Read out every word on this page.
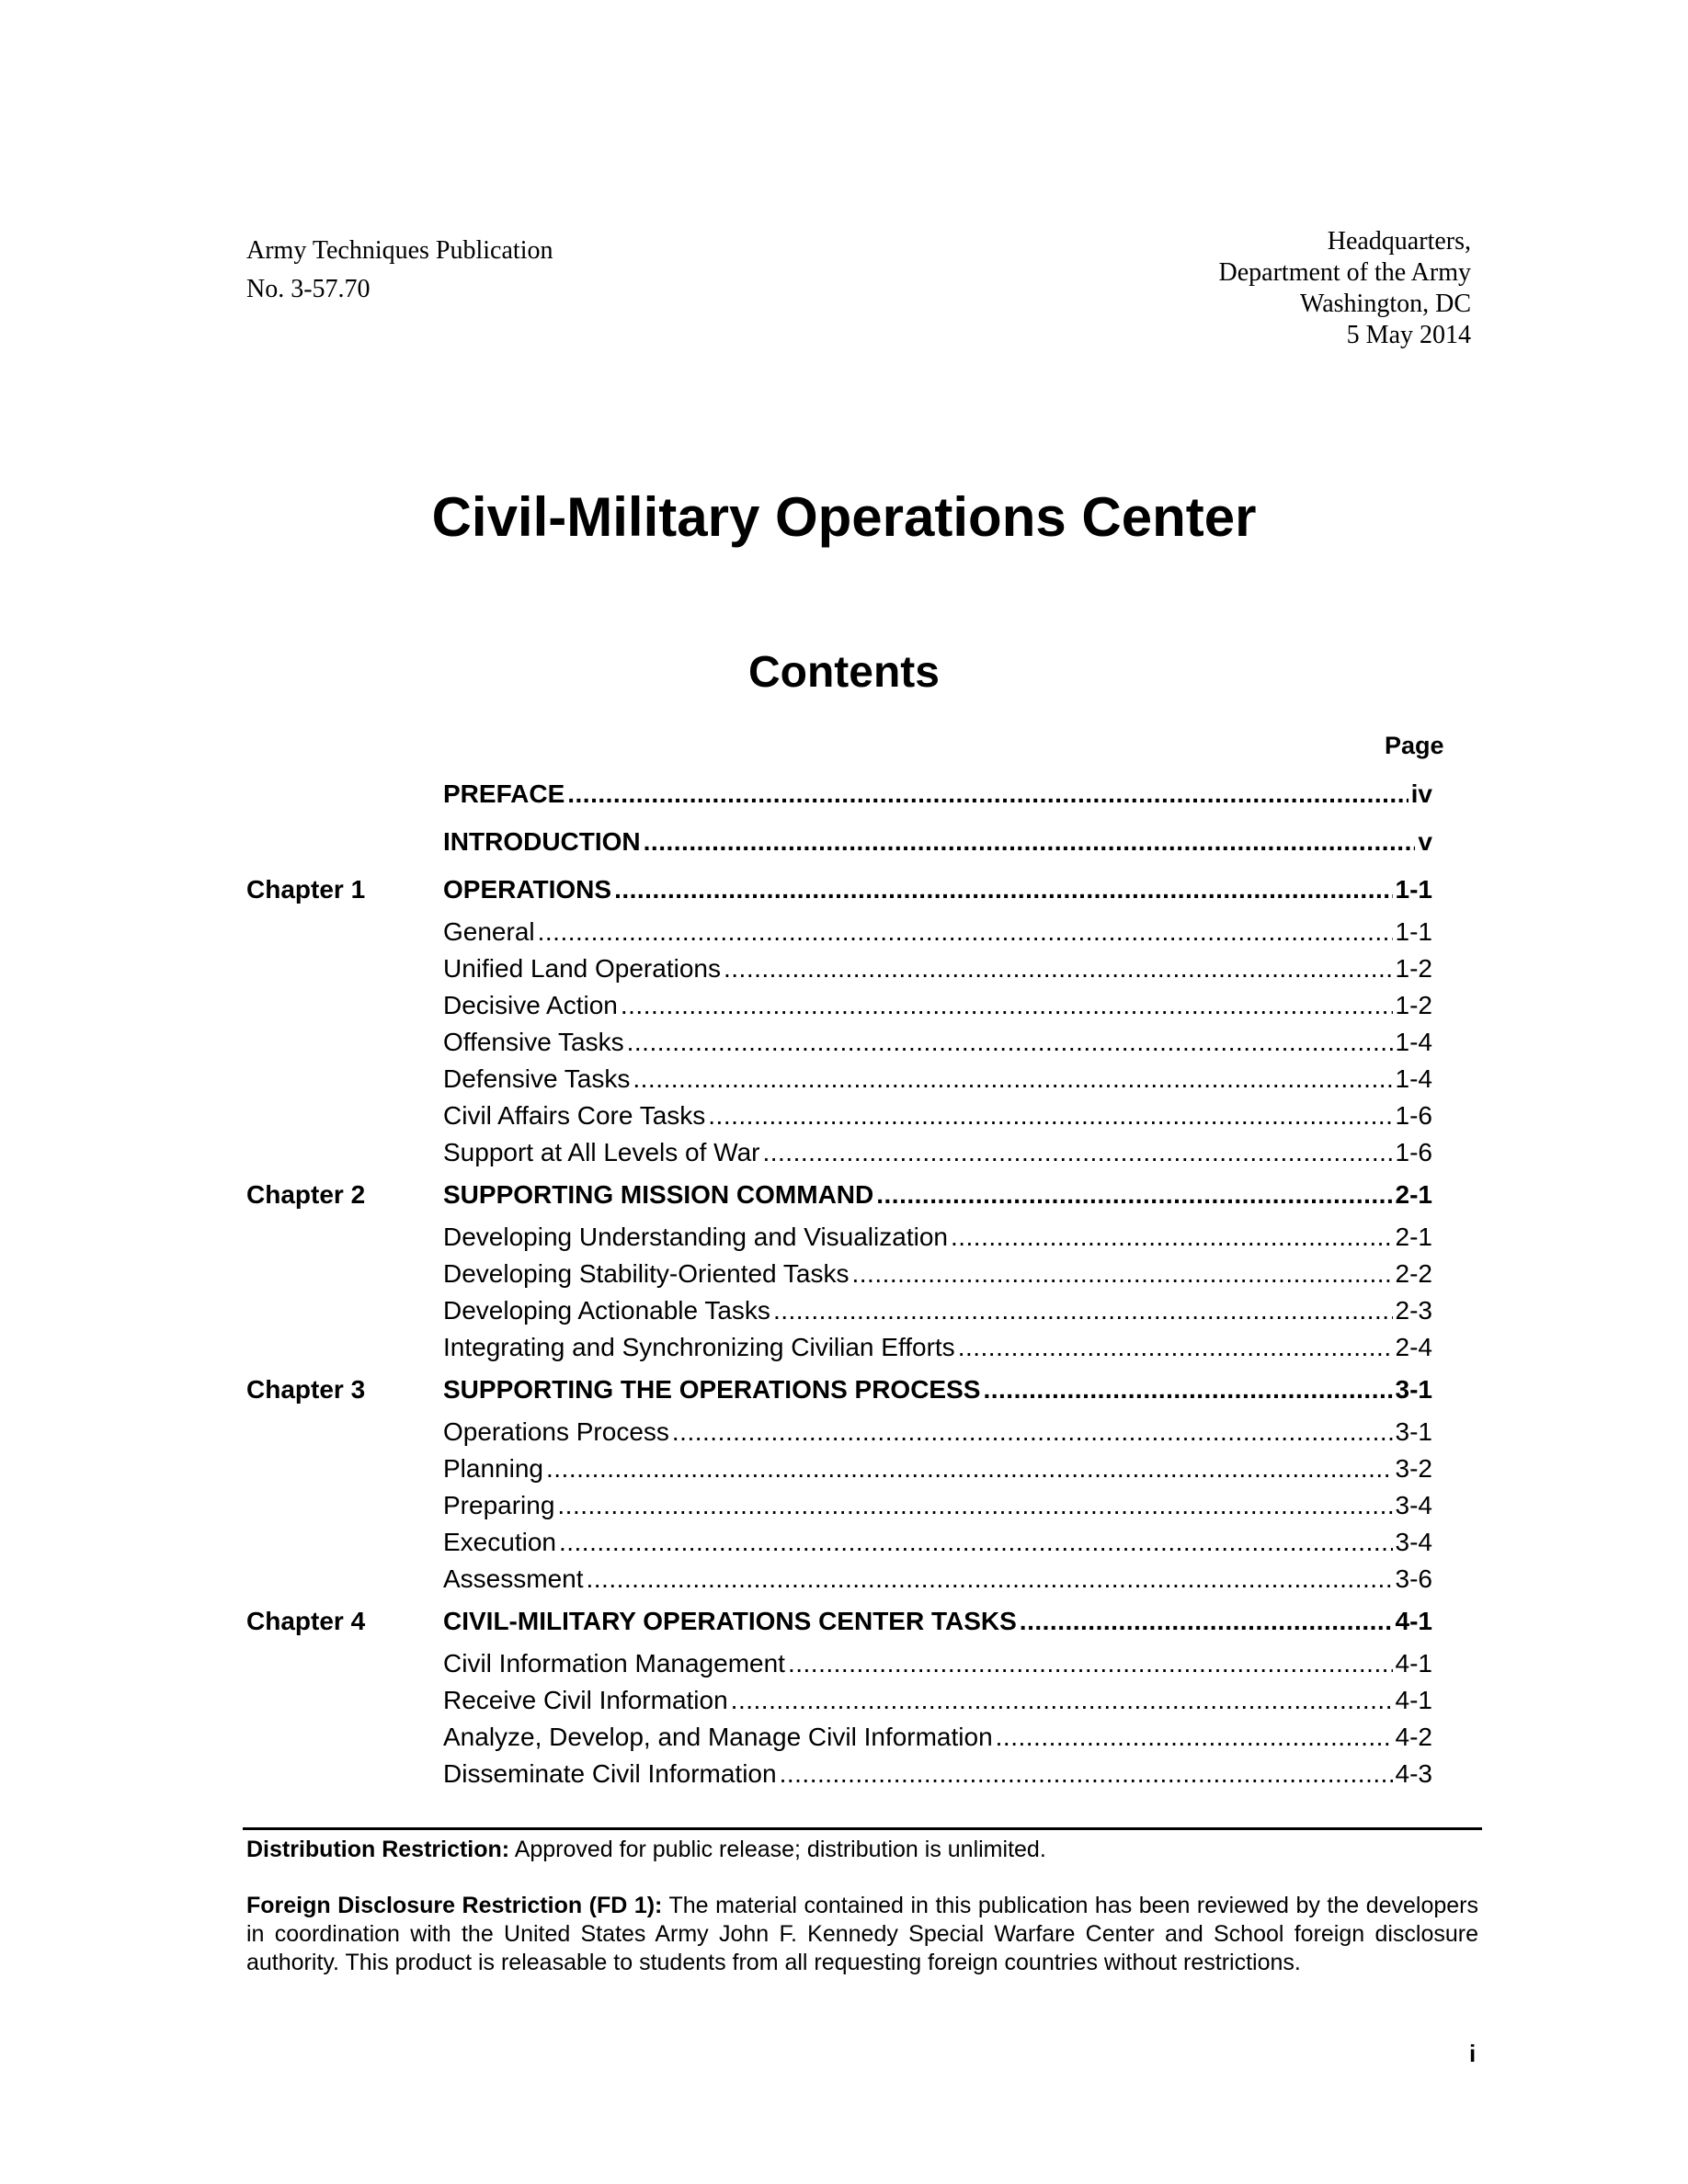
Army Techniques Publication
No. 3-57.70
Headquarters,
Department of the Army
Washington, DC
5 May 2014
Civil-Military Operations Center
Contents
Page
PREFACE .....	iv
INTRODUCTION .....	v
Chapter 1	OPERATIONS .....	1-1
General .....	1-1
Unified Land Operations .....	1-2
Decisive Action .....	1-2
Offensive Tasks .....	1-4
Defensive Tasks .....	1-4
Civil Affairs Core Tasks .....	1-6
Support at All Levels of War .....	1-6
Chapter 2	SUPPORTING MISSION COMMAND .....	2-1
Developing Understanding and Visualization .....	2-1
Developing Stability-Oriented Tasks .....	2-2
Developing Actionable Tasks .....	2-3
Integrating and Synchronizing Civilian Efforts .....	2-4
Chapter 3	SUPPORTING THE OPERATIONS PROCESS .....	3-1
Operations Process .....	3-1
Planning .....	3-2
Preparing .....	3-4
Execution .....	3-4
Assessment .....	3-6
Chapter 4	CIVIL-MILITARY OPERATIONS CENTER TASKS .....	4-1
Civil Information Management .....	4-1
Receive Civil Information .....	4-1
Analyze, Develop, and Manage Civil Information .....	4-2
Disseminate Civil Information .....	4-3
Distribution Restriction: Approved for public release; distribution is unlimited.
Foreign Disclosure Restriction (FD 1): The material contained in this publication has been reviewed by the developers in coordination with the United States Army John F. Kennedy Special Warfare Center and School foreign disclosure authority. This product is releasable to students from all requesting foreign countries without restrictions.
i
